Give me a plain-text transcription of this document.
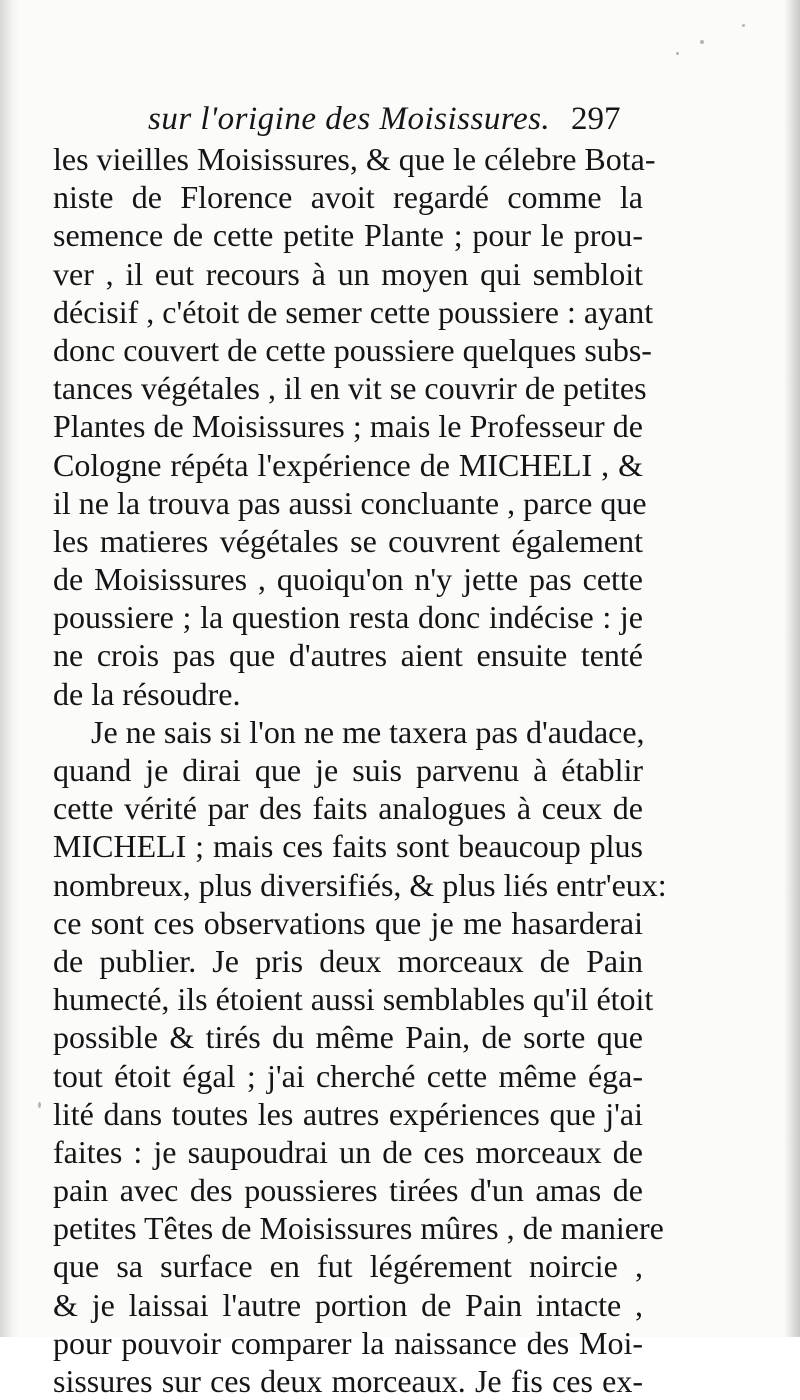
sur l'origine des Moisissures. 297
les vieilles Moisissures, & que le célebre Bota-
niste de Florence avoit regardé comme la
semence de cette petite Plante ; pour le prou-
ver , il eut recours à un moyen qui sembloit
décisif , c'étoit de semer cette poussiere : ayant
donc couvert de cette poussiere quelques subs-
tances végétales , il en vit se couvrir de petites
Plantes de Moisissures ; mais le Professeur de
Cologne répéta l'expérience de MICHELI , &
il ne la trouva pas aussi concluante , parce que
les matieres végétales se couvrent également
de Moisissures , quoiqu'on n'y jette pas cette
poussiere ; la question resta donc indécise : je
ne crois pas que d'autres aient ensuite tenté
de la résoudre.
Je ne sais si l'on ne me taxera pas d'audace,
quand je dirai que je suis parvenu à établir
cette vérité par des faits analogues à ceux de
MICHELI ; mais ces faits sont beaucoup plus
nombreux, plus diversifiés, & plus liés entr'eux:
ce sont ces observations que je me hasarderai
de publier. Je pris deux morceaux de Pain
humecté, ils étoient aussi semblables qu'il étoit
possible & tirés du même Pain, de sorte que
tout étoit égal ; j'ai cherché cette même éga-
lité dans toutes les autres expériences que j'ai
faites : je saupoudrai un de ces morceaux de
pain avec des poussieres tirées d'un amas de
petites Têtes de Moisissures mûres , de maniere
que sa surface en fut légérement noircie ,
& je laissai l'autre portion de Pain intacte ,
pour pouvoir comparer la naissance des Moi-
sissures sur ces deux morceaux. Je fis ces ex-
